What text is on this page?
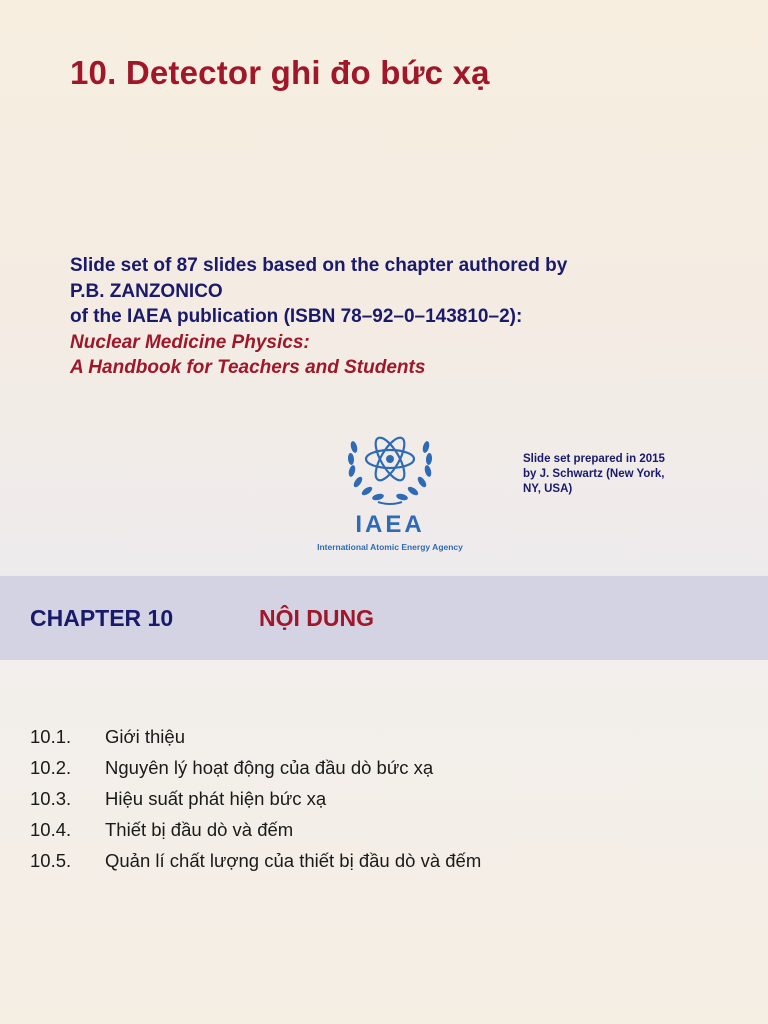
10. Detector ghi đo bức xạ
Slide set of 87 slides based on the chapter authored by
P.B. ZANZONICO
of the IAEA publication (ISBN 78–92–0–143810–2):
Nuclear Medicine Physics:
A Handbook for Teachers and Students
IAEA
International Atomic Energy Agency
Slide set prepared in 2015
by J. Schwartz (New York,
NY, USA)
CHAPTER 10	NỘI DUNG
10.1.	Giới thiệu
10.2.	Nguyên lý hoạt động của đầu dò bức xạ
10.3.	Hiệu suất phát hiện bức xạ
10.4.	Thiết bị đầu dò và đếm
10.5.	Quản lí chất lượng của thiết bị đầu dò và đếm
